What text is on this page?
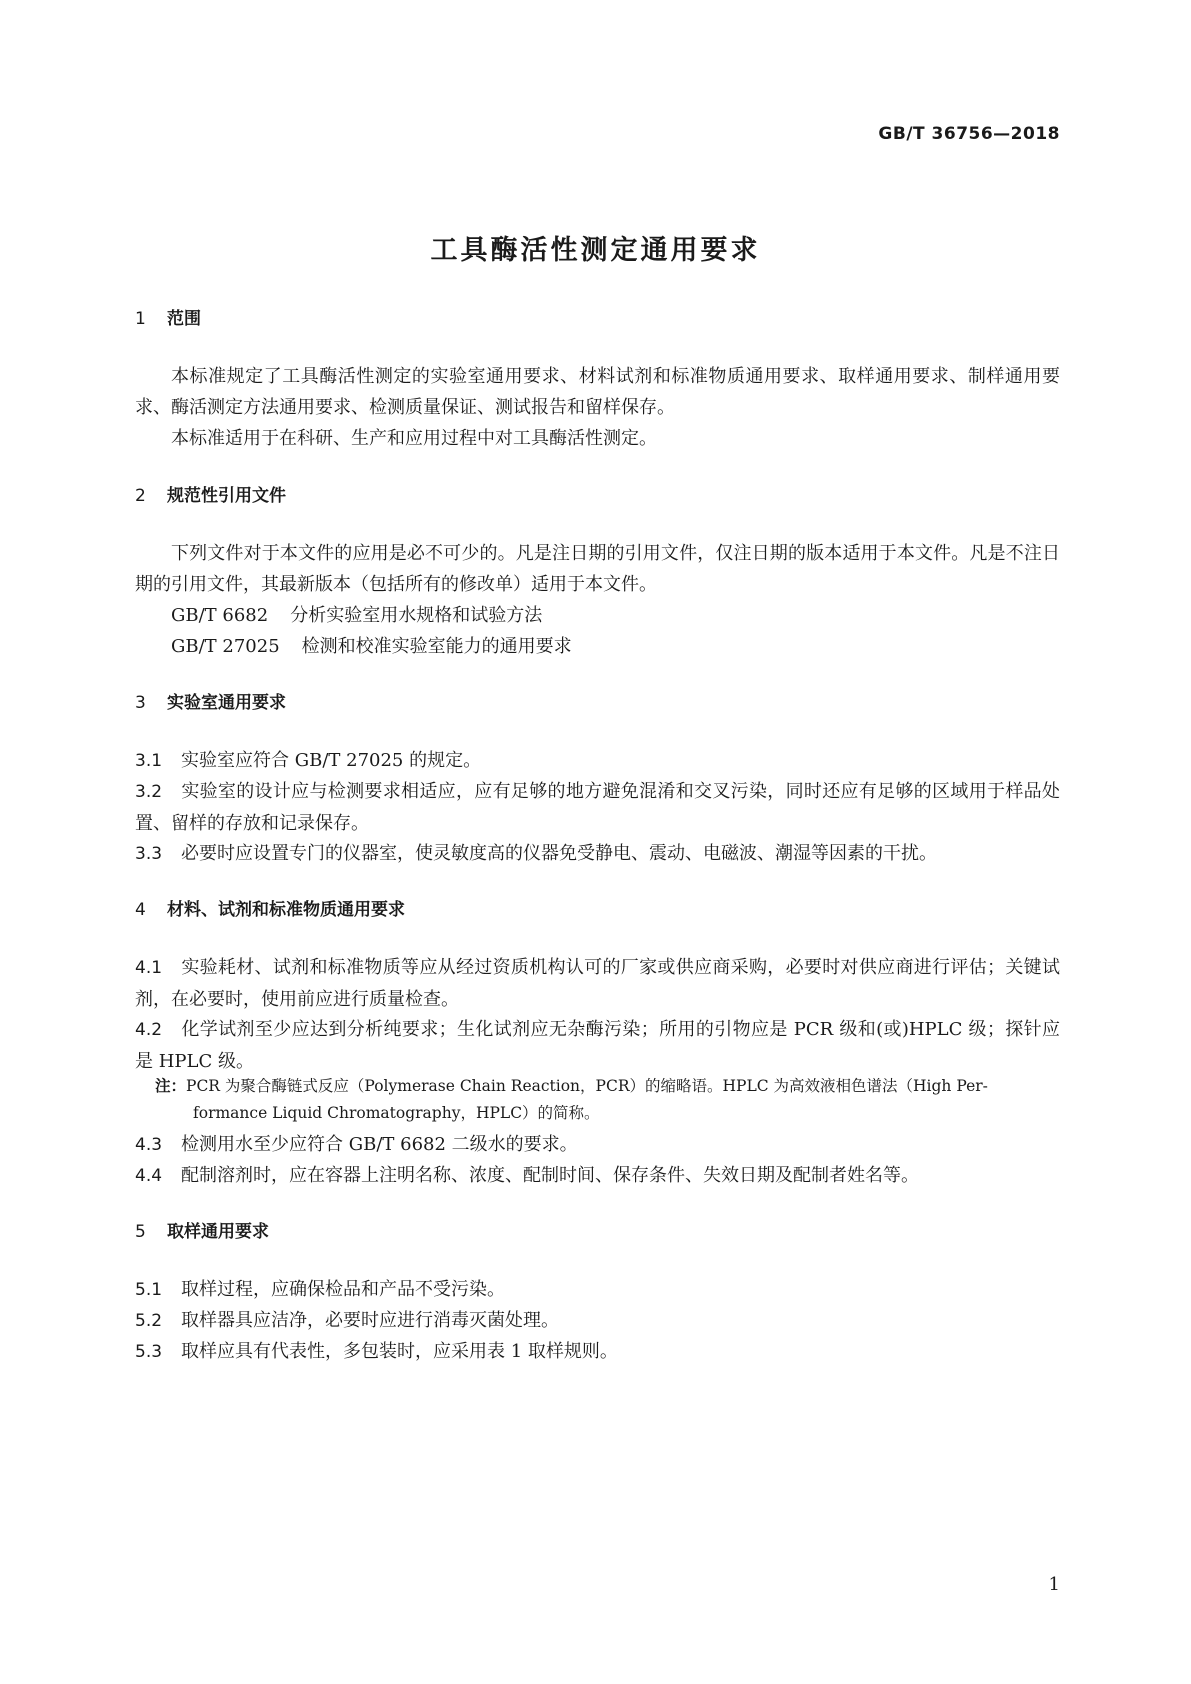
GB/T 36756—2018
工具酶活性测定通用要求
1 范围
本标准规定了工具酶活性测定的实验室通用要求、材料试剂和标准物质通用要求、取样通用要求、制样通用要求、酶活测定方法通用要求、检测质量保证、测试报告和留样保存。
本标准适用于在科研、生产和应用过程中对工具酶活性测定。
2 规范性引用文件
下列文件对于本文件的应用是必不可少的。凡是注日期的引用文件，仅注日期的版本适用于本文件。凡是不注日期的引用文件，其最新版本（包括所有的修改单）适用于本文件。
GB/T 6682 分析实验室用水规格和试验方法
GB/T 27025 检测和校准实验室能力的通用要求
3 实验室通用要求
3.1 实验室应符合 GB/T 27025 的规定。
3.2 实验室的设计应与检测要求相适应，应有足够的地方避免混淆和交叉污染，同时还应有足够的区域用于样品处置、留样的存放和记录保存。
3.3 必要时应设置专门的仪器室，使灵敏度高的仪器免受静电、震动、电磁波、潮湿等因素的干扰。
4 材料、试剂和标准物质通用要求
4.1 实验耗材、试剂和标准物质等应从经过资质机构认可的厂家或供应商采购，必要时对供应商进行评估；关键试剂，在必要时，使用前应进行质量检查。
4.2 化学试剂至少应达到分析纯要求；生化试剂应无杂酶污染；所用的引物应是 PCR 级和(或)HPLC 级；探针应是 HPLC 级。
注：PCR 为聚合酶链式反应（Polymerase Chain Reaction，PCR）的缩略语。HPLC 为高效液相色谱法（High Per-
formance Liquid Chromatography，HPLC）的简称。
4.3 检测用水至少应符合 GB/T 6682 二级水的要求。
4.4 配制溶剂时，应在容器上注明名称、浓度、配制时间、保存条件、失效日期及配制者姓名等。
5 取样通用要求
5.1 取样过程，应确保检品和产品不受污染。
5.2 取样器具应洁净，必要时应进行消毒灭菌处理。
5.3 取样应具有代表性，多包装时，应采用表 1 取样规则。
1
